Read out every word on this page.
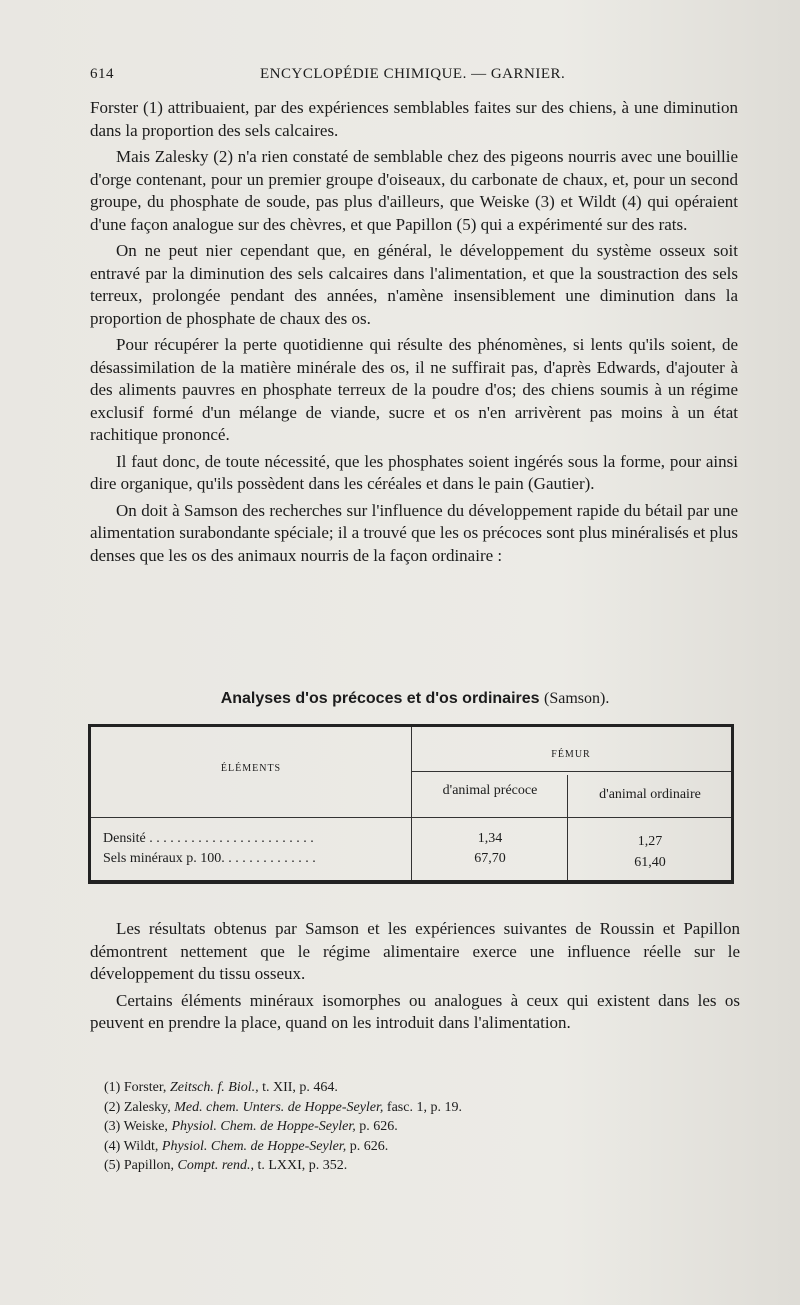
614	ENCYCLOPÉDIE CHIMIQUE. — GARNIER.

Forster (1) attribuaient, par des expériences semblables faites sur des chiens, à une diminution dans la proportion des sels calcaires.

Mais Zalesky (2) n'a rien constaté de semblable chez des pigeons nourris avec une bouillie d'orge contenant, pour un premier groupe d'oiseaux, du carbonate de chaux, et, pour un second groupe, du phosphate de soude, pas plus d'ailleurs, que Weiske (3) et Wildt (4) qui opéraient d'une façon analogue sur des chèvres, et que Papillon (5) qui a expérimenté sur des rats.

On ne peut nier cependant que, en général, le développement du système osseux soit entravé par la diminution des sels calcaires dans l'alimentation, et que la soustraction des sels terreux, prolongée pendant des années, n'amène insensiblement une diminution dans la proportion de phosphate de chaux des os.

Pour récupérer la perte quotidienne qui résulte des phénomènes, si lents qu'ils soient, de désassimilation de la matière minérale des os, il ne suffirait pas, d'après Edwards, d'ajouter à des aliments pauvres en phosphate terreux de la poudre d'os; des chiens soumis à un régime exclusif formé d'un mélange de viande, sucre et os n'en arrivèrent pas moins à un état rachitique prononcé.

Il faut donc, de toute nécessité, que les phosphates soient ingérés sous la forme, pour ainsi dire organique, qu'ils possèdent dans les céréales et dans le pain (Gautier).

On doit à Samson des recherches sur l'influence du développement rapide du bétail par une alimentation surabondante spéciale; il a trouvé que les os précoces sont plus minéralisés et plus denses que les os des animaux nourris de la façon ordinaire :

Analyses d'os précoces et d'os ordinaires (Samson).
ÉLÉMENTS
FÉMUR
d'animal précoce	d'animal ordinaire
Densité . . . . . . . . . . . . . . . . . . . . . . . .	1,34	1,27
Sels minéraux p. 100. . . . . . . . . . . . . .	67,70	61,40

Les résultats obtenus par Samson et les expériences suivantes de Roussin et Papillon démontrent nettement que le régime alimentaire exerce une influence réelle sur le développement du tissu osseux.

Certains éléments minéraux isomorphes ou analogues à ceux qui existent dans les os peuvent en prendre la place, quand on les introduit dans l'alimentation.

(1) Forster, Zeitsch. f. Biol., t. XII, p. 464.
(2) Zalesky, Med. chem. Unters. de Hoppe-Seyler, fasc. 1, p. 19.
(3) Weiske, Physiol. Chem. de Hoppe-Seyler, p. 626.
(4) Wildt, Physiol. Chem. de Hoppe-Seyler, p. 626.
(5) Papillon, Compt. rend., t. LXXI, p. 352.
